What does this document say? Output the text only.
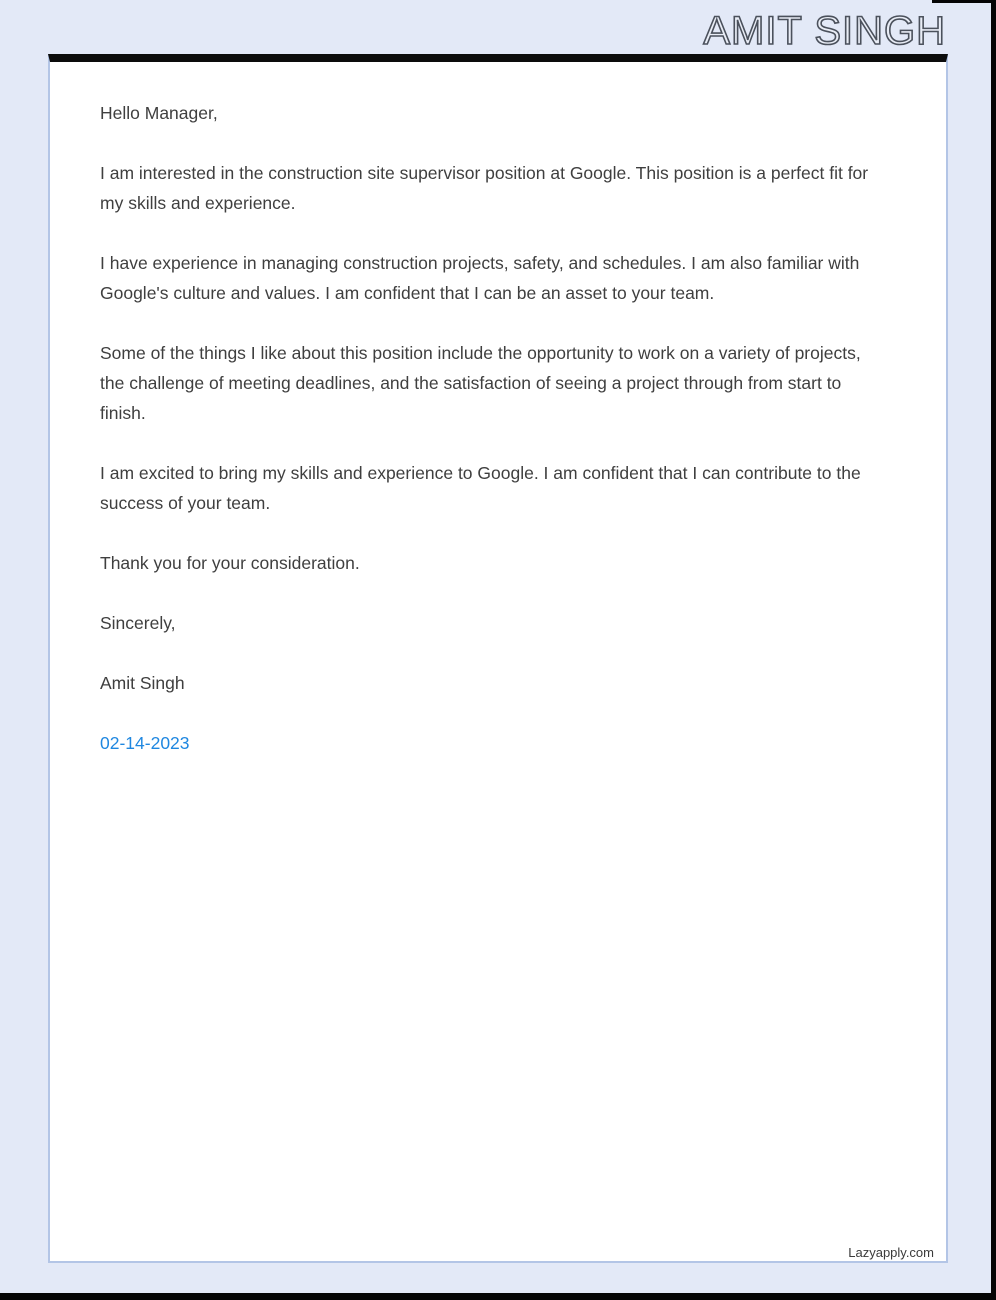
AMIT SINGH

Hello Manager,

I am interested in the construction site supervisor position at Google. This position is a perfect fit for my skills and experience.

I have experience in managing construction projects, safety, and schedules. I am also familiar with Google's culture and values. I am confident that I can be an asset to your team.

Some of the things I like about this position include the opportunity to work on a variety of projects, the challenge of meeting deadlines, and the satisfaction of seeing a project through from start to finish.

I am excited to bring my skills and experience to Google. I am confident that I can contribute to the success of your team.

Thank you for your consideration.

Sincerely,

Amit Singh

02-14-2023

Lazyapply.com
